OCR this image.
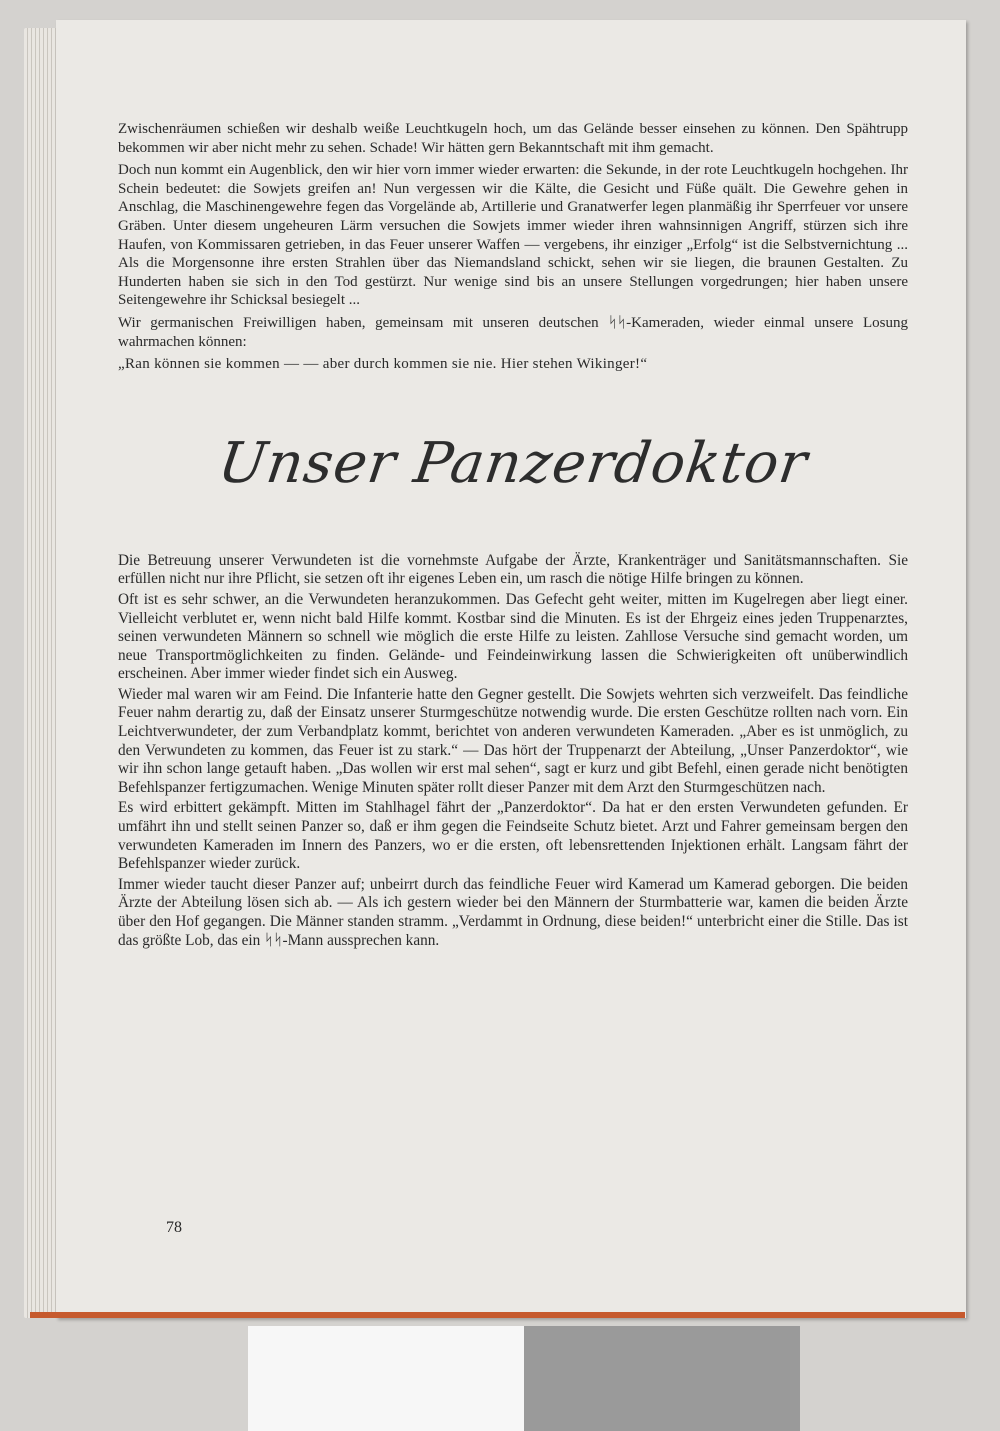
Zwischenräumen schießen wir deshalb weiße Leuchtkugeln hoch, um das Gelände besser einsehen zu können. Den Spähtrupp bekommen wir aber nicht mehr zu sehen. Schade! Wir hätten gern Bekanntschaft mit ihm gemacht.

Doch nun kommt ein Augenblick, den wir hier vorn immer wieder erwarten: die Sekunde, in der rote Leuchtkugeln hochgehen. Ihr Schein bedeutet: die Sowjets greifen an! Nun vergessen wir die Kälte, die Gesicht und Füße quält. Die Gewehre gehen in Anschlag, die Maschinengewehre fegen das Vorgelände ab, Artillerie und Granatwerfer legen planmäßig ihr Sperrfeuer vor unsere Gräben. Unter diesem ungeheuren Lärm versuchen die Sowjets immer wieder ihren wahnsinnigen Angriff, stürzen sich ihre Haufen, von Kommissaren getrieben, in das Feuer unserer Waffen — vergebens, ihr einziger „Erfolg“ ist die Selbstvernichtung ... Als die Morgensonne ihre ersten Strahlen über das Niemandsland schickt, sehen wir sie liegen, die braunen Gestalten. Zu Hunderten haben sie sich in den Tod gestürzt. Nur wenige sind bis an unsere Stellungen vorgedrungen; hier haben unsere Seitengewehre ihr Schicksal besiegelt ...

Wir germanischen Freiwilligen haben, gemeinsam mit unseren deutschen ᛋᛋ-Kameraden, wieder einmal unsere Losung wahrmachen können:

„Ran können sie kommen — — aber durch kommen sie nie. Hier stehen Wikinger!“

Unser Panzerdoktor

Die Betreuung unserer Verwundeten ist die vornehmste Aufgabe der Ärzte, Krankenträger und Sanitätsmannschaften. Sie erfüllen nicht nur ihre Pflicht, sie setzen oft ihr eigenes Leben ein, um rasch die nötige Hilfe bringen zu können.

Oft ist es sehr schwer, an die Verwundeten heranzukommen. Das Gefecht geht weiter, mitten im Kugelregen aber liegt einer. Vielleicht verblutet er, wenn nicht bald Hilfe kommt. Kostbar sind die Minuten. Es ist der Ehrgeiz eines jeden Truppenarztes, seinen verwundeten Männern so schnell wie möglich die erste Hilfe zu leisten. Zahllose Versuche sind gemacht worden, um neue Transportmöglichkeiten zu finden. Gelände- und Feindeinwirkung lassen die Schwierigkeiten oft unüberwindlich erscheinen. Aber immer wieder findet sich ein Ausweg.

Wieder mal waren wir am Feind. Die Infanterie hatte den Gegner gestellt. Die Sowjets wehrten sich verzweifelt. Das feindliche Feuer nahm derartig zu, daß der Einsatz unserer Sturmgeschütze notwendig wurde. Die ersten Geschütze rollten nach vorn. Ein Leichtverwundeter, der zum Verbandplatz kommt, berichtet von anderen verwundeten Kameraden. „Aber es ist unmöglich, zu den Verwundeten zu kommen, das Feuer ist zu stark.“ — Das hört der Truppenarzt der Abteilung, „Unser Panzerdoktor“, wie wir ihn schon lange getauft haben. „Das wollen wir erst mal sehen“, sagt er kurz und gibt Befehl, einen gerade nicht benötigten Befehlspanzer fertigzumachen. Wenige Minuten später rollt dieser Panzer mit dem Arzt den Sturmgeschützen nach.

Es wird erbittert gekämpft. Mitten im Stahlhagel fährt der „Panzerdoktor“. Da hat er den ersten Verwundeten gefunden. Er umfährt ihn und stellt seinen Panzer so, daß er ihm gegen die Feindseite Schutz bietet. Arzt und Fahrer gemeinsam bergen den verwundeten Kameraden im Innern des Panzers, wo er die ersten, oft lebensrettenden Injektionen erhält. Langsam fährt der Befehlspanzer wieder zurück.

Immer wieder taucht dieser Panzer auf; unbeirrt durch das feindliche Feuer wird Kamerad um Kamerad geborgen. Die beiden Ärzte der Abteilung lösen sich ab. — Als ich gestern wieder bei den Männern der Sturmbatterie war, kamen die beiden Ärzte über den Hof gegangen. Die Männer standen stramm. „Verdammt in Ordnung, diese beiden!“ unterbricht einer die Stille. Das ist das größte Lob, das ein ᛋᛋ-Mann aussprechen kann.

78
